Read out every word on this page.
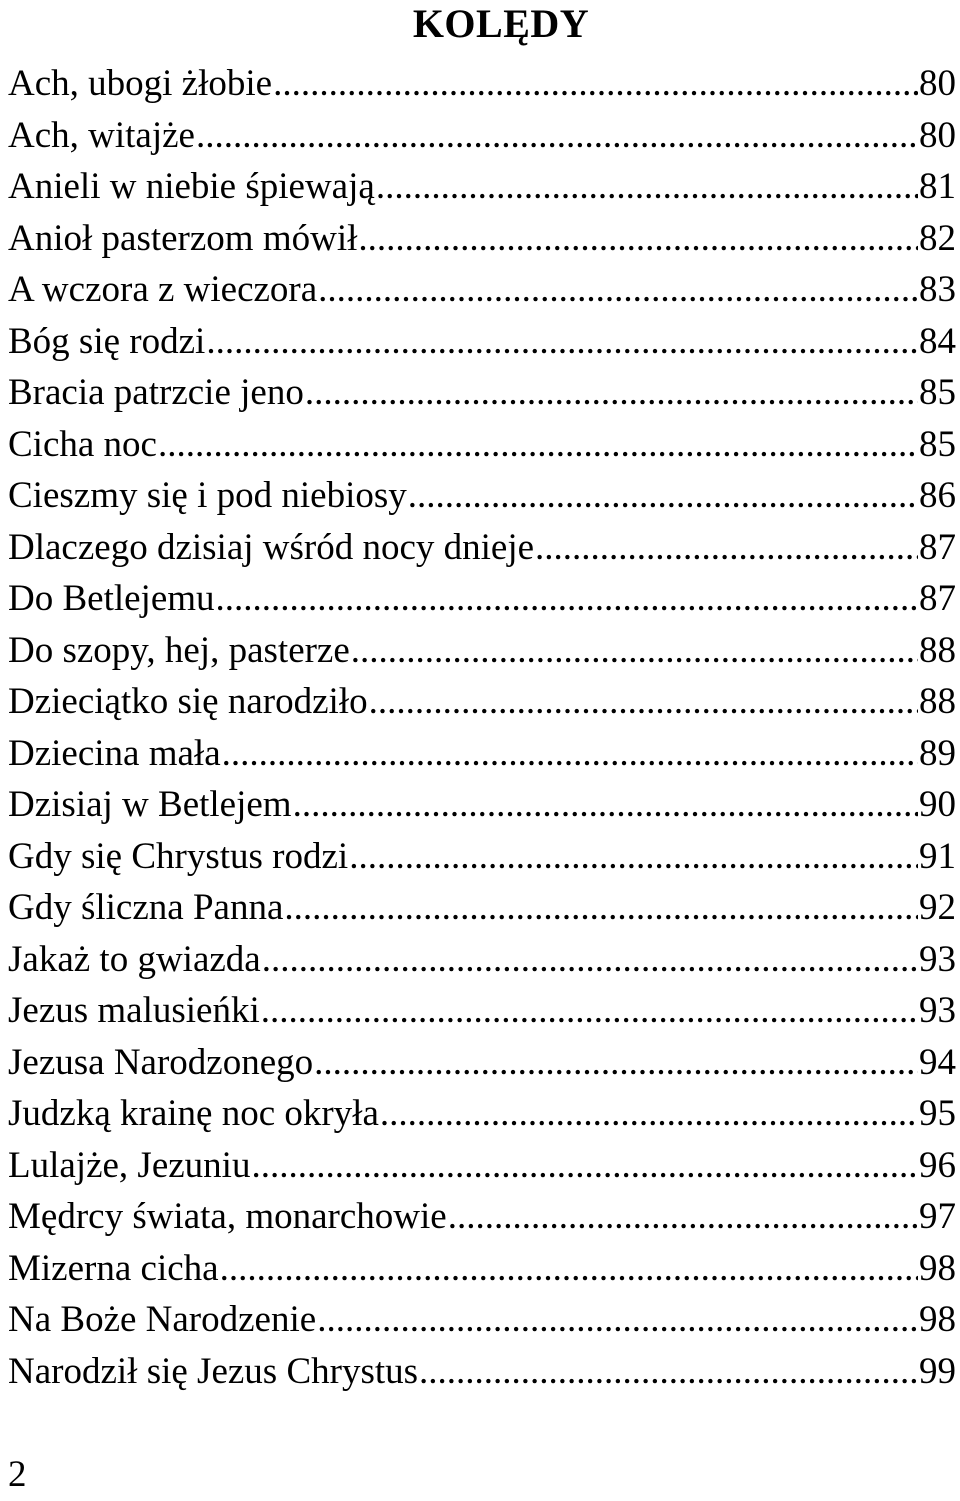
KOLĘDY
Ach, ubogi żłobie .....	80
Ach, witajże .....	80
Anieli w niebie śpiewają .....	81
Anioł pasterzom mówił .....	82
A wczora z wieczora .....	83
Bóg się rodzi .....	84
Bracia patrzcie jeno .....	85
Cicha noc .....	85
Cieszmy się i pod niebiosy .....	86
Dlaczego dzisiaj wśród nocy dnieje .....	87
Do Betlejemu .....	87
Do szopy, hej, pasterze .....	88
Dzieciątko się narodziło .....	88
Dziecina mała .....	89
Dzisiaj w Betlejem .....	90
Gdy się Chrystus rodzi .....	91
Gdy śliczna Panna .....	92
Jakaż to gwiazda .....	93
Jezus malusieńki .....	93
Jezusa Narodzonego .....	94
Judzką krainę noc okryła .....	95
Lulajże, Jezuniu .....	96
Mędrcy świata, monarchowie .....	97
Mizerna cicha .....	98
Na Boże Narodzenie .....	98
Narodził się Jezus Chrystus .....	99
2
